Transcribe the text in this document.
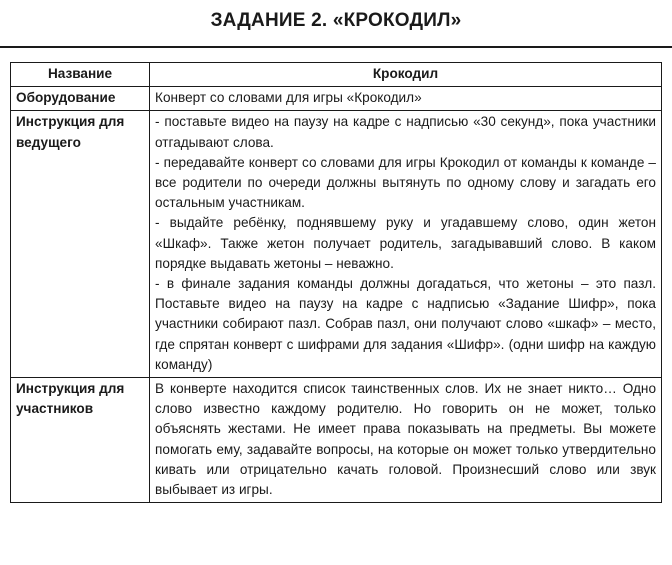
ЗАДАНИЕ 2. «КРОКОДИЛ»
Название	Крокодил
Оборудование	Конверт со словами для игры «Крокодил»

Инструкция для ведущего	- поставьте видео на паузу на кадре с надписью «30 секунд», пока участники отгадывают слова.
- передавайте конверт со словами для игры Крокодил от команды к команде – все родители по очереди должны вытянуть по одному слову и загадать его остальным участникам.
- выдайте ребёнку, поднявшему руку и угадавшему слово, один жетон «Шкаф». Также жетон получает родитель, загадывавший слово. В каком порядке выдавать жетоны – неважно.
- в финале задания команды должны догадаться, что жетоны – это пазл. Поставьте видео на паузу на кадре с надписью «Задание Шифр», пока участники собирают пазл. Собрав пазл, они получают слово «шкаф» – место, где спрятан конверт с шифрами для задания «Шифр». (одни шифр на каждую команду)

Инструкция для участников	В конверте находится список таинственных слов. Их не знает никто… Одно слово известно каждому родителю. Но говорить он не может, только объяснять жестами. Не имеет права показывать на предметы. Вы можете помогать ему, задавайте вопросы, на которые он может только утвердительно кивать или отрицательно качать головой. Произнесший слово или звук выбывает из игры.
